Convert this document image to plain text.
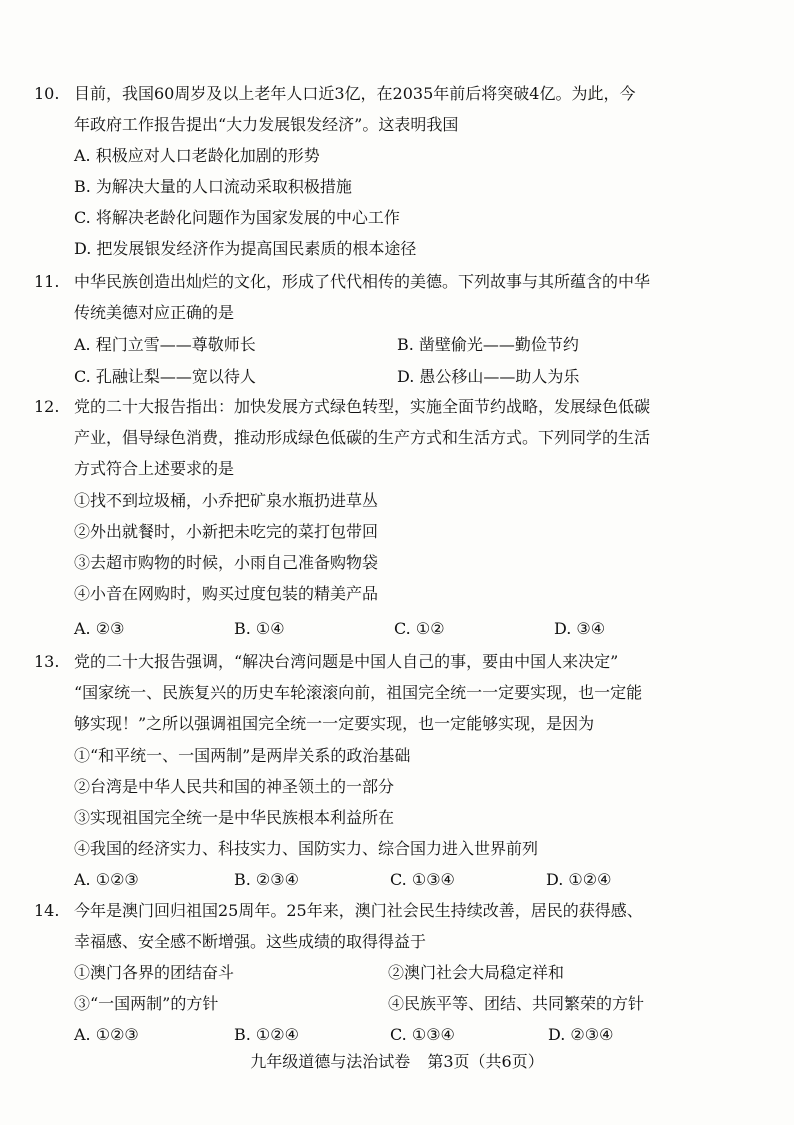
10. 目前，我国60周岁及以上老年人口近3亿，在2035年前后将突破4亿。为此，今
年政府工作报告提出“大力发展银发经济”。这表明我国
A. 积极应对人口老龄化加剧的形势
B. 为解决大量的人口流动采取积极措施
C. 将解决老龄化问题作为国家发展的中心工作
D. 把发展银发经济作为提高国民素质的根本途径
11. 中华民族创造出灿烂的文化，形成了代代相传的美德。下列故事与其所蕴含的中华
传统美德对应正确的是
A. 程门立雪——尊敬师长	B. 凿壁偷光——勤俭节约
C. 孔融让梨——宽以待人	D. 愚公移山——助人为乐
12. 党的二十大报告指出：加快发展方式绿色转型，实施全面节约战略，发展绿色低碳
产业，倡导绿色消费，推动形成绿色低碳的生产方式和生活方式。下列同学的生活
方式符合上述要求的是
①找不到垃圾桶，小乔把矿泉水瓶扔进草丛
②外出就餐时，小新把未吃完的菜打包带回
③去超市购物的时候，小雨自己准备购物袋
④小音在网购时，购买过度包装的精美产品
A. ②③	B. ①④	C. ①②	D. ③④
13. 党的二十大报告强调，“解决台湾问题是中国人自己的事，要由中国人来决定”
“国家统一、民族复兴的历史车轮滚滚向前，祖国完全统一一定要实现，也一定能
够实现！”之所以强调祖国完全统一一定要实现，也一定能够实现，是因为
①“和平统一、一国两制”是两岸关系的政治基础
②台湾是中华人民共和国的神圣领土的一部分
③实现祖国完全统一是中华民族根本利益所在
④我国的经济实力、科技实力、国防实力、综合国力进入世界前列
A. ①②③	B. ②③④	C. ①③④	D. ①②④
14. 今年是澳门回归祖国25周年。25年来，澳门社会民生持续改善，居民的获得感、
幸福感、安全感不断增强。这些成绩的取得得益于
①澳门各界的团结奋斗	②澳门社会大局稳定祥和
③“一国两制”的方针	④民族平等、团结、共同繁荣的方针
A. ①②③	B. ①②④	C. ①③④	D. ②③④
九年级道德与法治试卷 第3页（共6页）
